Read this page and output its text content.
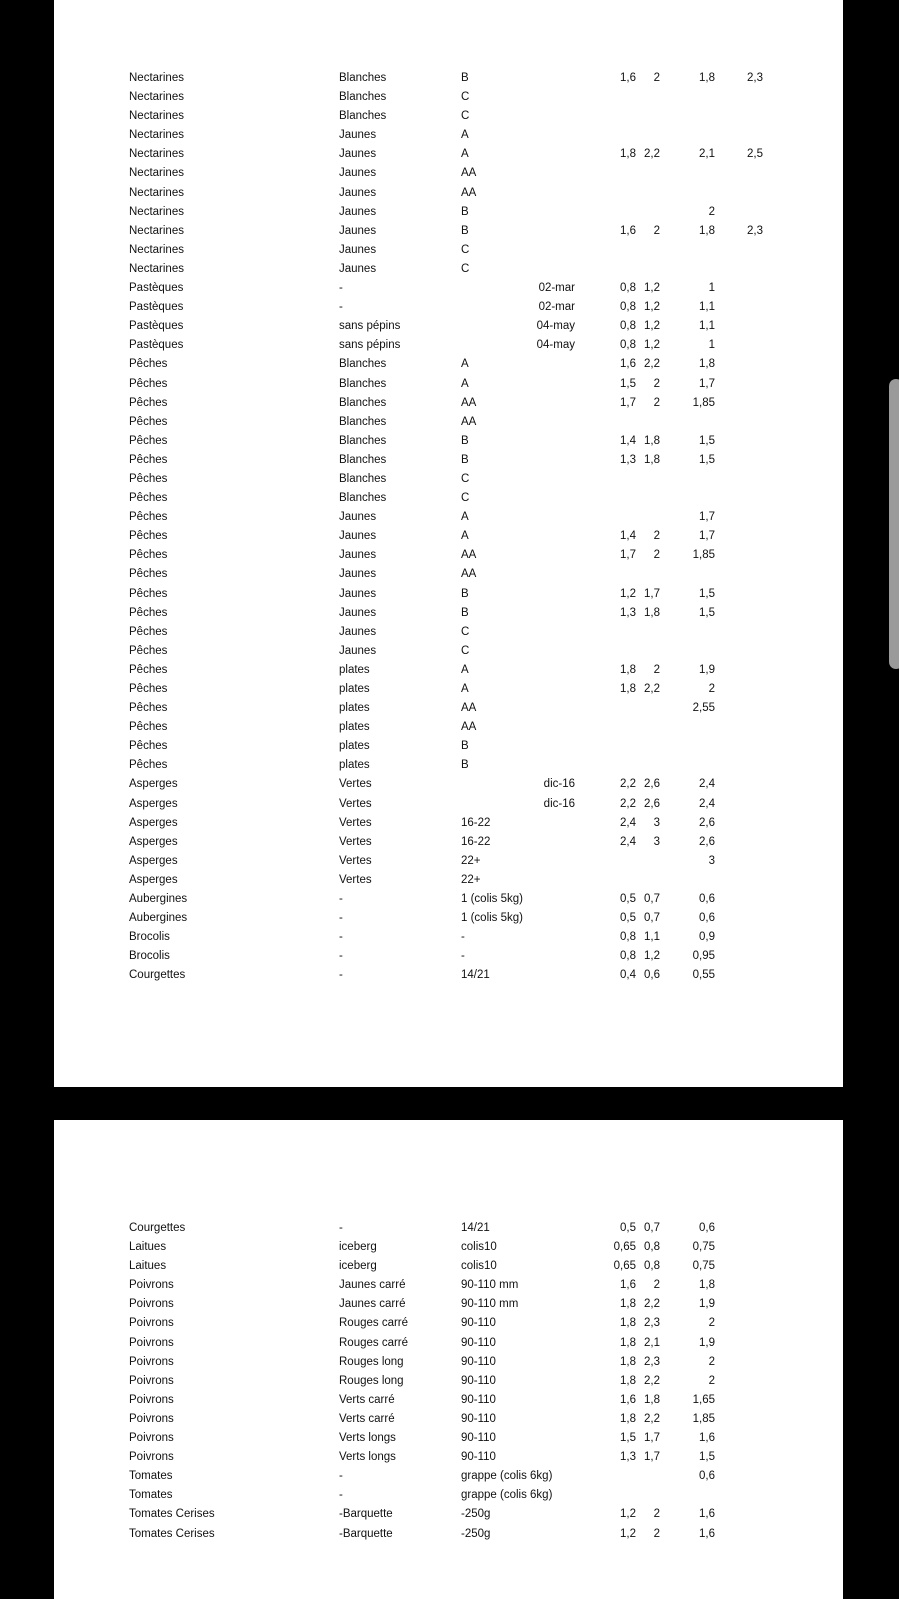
Nectarines	Blanches	B	1,6 2	1,8	2,3
Nectarines	Blanches	C
Nectarines	Blanches	C
Nectarines	Jaunes	A
Nectarines	Jaunes	A	1,8 2,2	2,1	2,5
Nectarines	Jaunes	AA
Nectarines	Jaunes	AA
Nectarines	Jaunes	B	2
Nectarines	Jaunes	B	1,6 2	1,8	2,3
Nectarines	Jaunes	C
Nectarines	Jaunes	C
Pastèques	-	02-mar	0,8 1,2	1
Pastèques	-	02-mar	0,8 1,2	1,1
Pastèques	sans pépins	04-may	0,8 1,2	1,1
Pastèques	sans pépins	04-may	0,8 1,2	1
Pêches	Blanches	A	1,6 2,2	1,8
Pêches	Blanches	A	1,5 2	1,7
Pêches	Blanches	AA	1,7 2	1,85
Pêches	Blanches	AA
Pêches	Blanches	B	1,4 1,8	1,5
Pêches	Blanches	B	1,3 1,8	1,5
Pêches	Blanches	C
Pêches	Blanches	C
Pêches	Jaunes	A	1,7
Pêches	Jaunes	A	1,4 2	1,7
Pêches	Jaunes	AA	1,7 2	1,85
Pêches	Jaunes	AA
Pêches	Jaunes	B	1,2 1,7	1,5
Pêches	Jaunes	B	1,3 1,8	1,5
Pêches	Jaunes	C
Pêches	Jaunes	C
Pêches	plates	A	1,8 2	1,9
Pêches	plates	A	1,8 2,2	2
Pêches	plates	AA	2,55
Pêches	plates	AA
Pêches	plates	B
Pêches	plates	B
Asperges	Vertes	dic-16	2,2 2,6	2,4
Asperges	Vertes	dic-16	2,2 2,6	2,4
Asperges	Vertes	16-22	2,4 3	2,6
Asperges	Vertes	16-22	2,4 3	2,6
Asperges	Vertes	22+	3
Asperges	Vertes	22+
Aubergines	-	1 (colis 5kg)	0,5 0,7	0,6
Aubergines	-	1 (colis 5kg)	0,5 0,7	0,6
Brocolis	-	-	0,8 1,1	0,9
Brocolis	-	-	0,8 1,2	0,95
Courgettes	-	14/21	0,4 0,6	0,55
Courgettes	-	14/21	0,5 0,7	0,6
Laitues	iceberg	colis10	0,65 0,8	0,75
Laitues	iceberg	colis10	0,65 0,8	0,75
Poivrons	Jaunes carré	90-110 mm	1,6 2	1,8
Poivrons	Jaunes carré	90-110 mm	1,8 2,2	1,9
Poivrons	Rouges carré	90-110	1,8 2,3	2
Poivrons	Rouges carré	90-110	1,8 2,1	1,9
Poivrons	Rouges long	90-110	1,8 2,3	2
Poivrons	Rouges long	90-110	1,8 2,2	2
Poivrons	Verts carré	90-110	1,6 1,8	1,65
Poivrons	Verts carré	90-110	1,8 2,2	1,85
Poivrons	Verts longs	90-110	1,5 1,7	1,6
Poivrons	Verts longs	90-110	1,3 1,7	1,5
Tomates	-	grappe (colis 6kg)	0,6
Tomates	-	grappe (colis 6kg)
Tomates Cerises	-Barquette	-250g	1,2 2	1,6
Tomates Cerises	-Barquette	-250g	1,2 2	1,6
